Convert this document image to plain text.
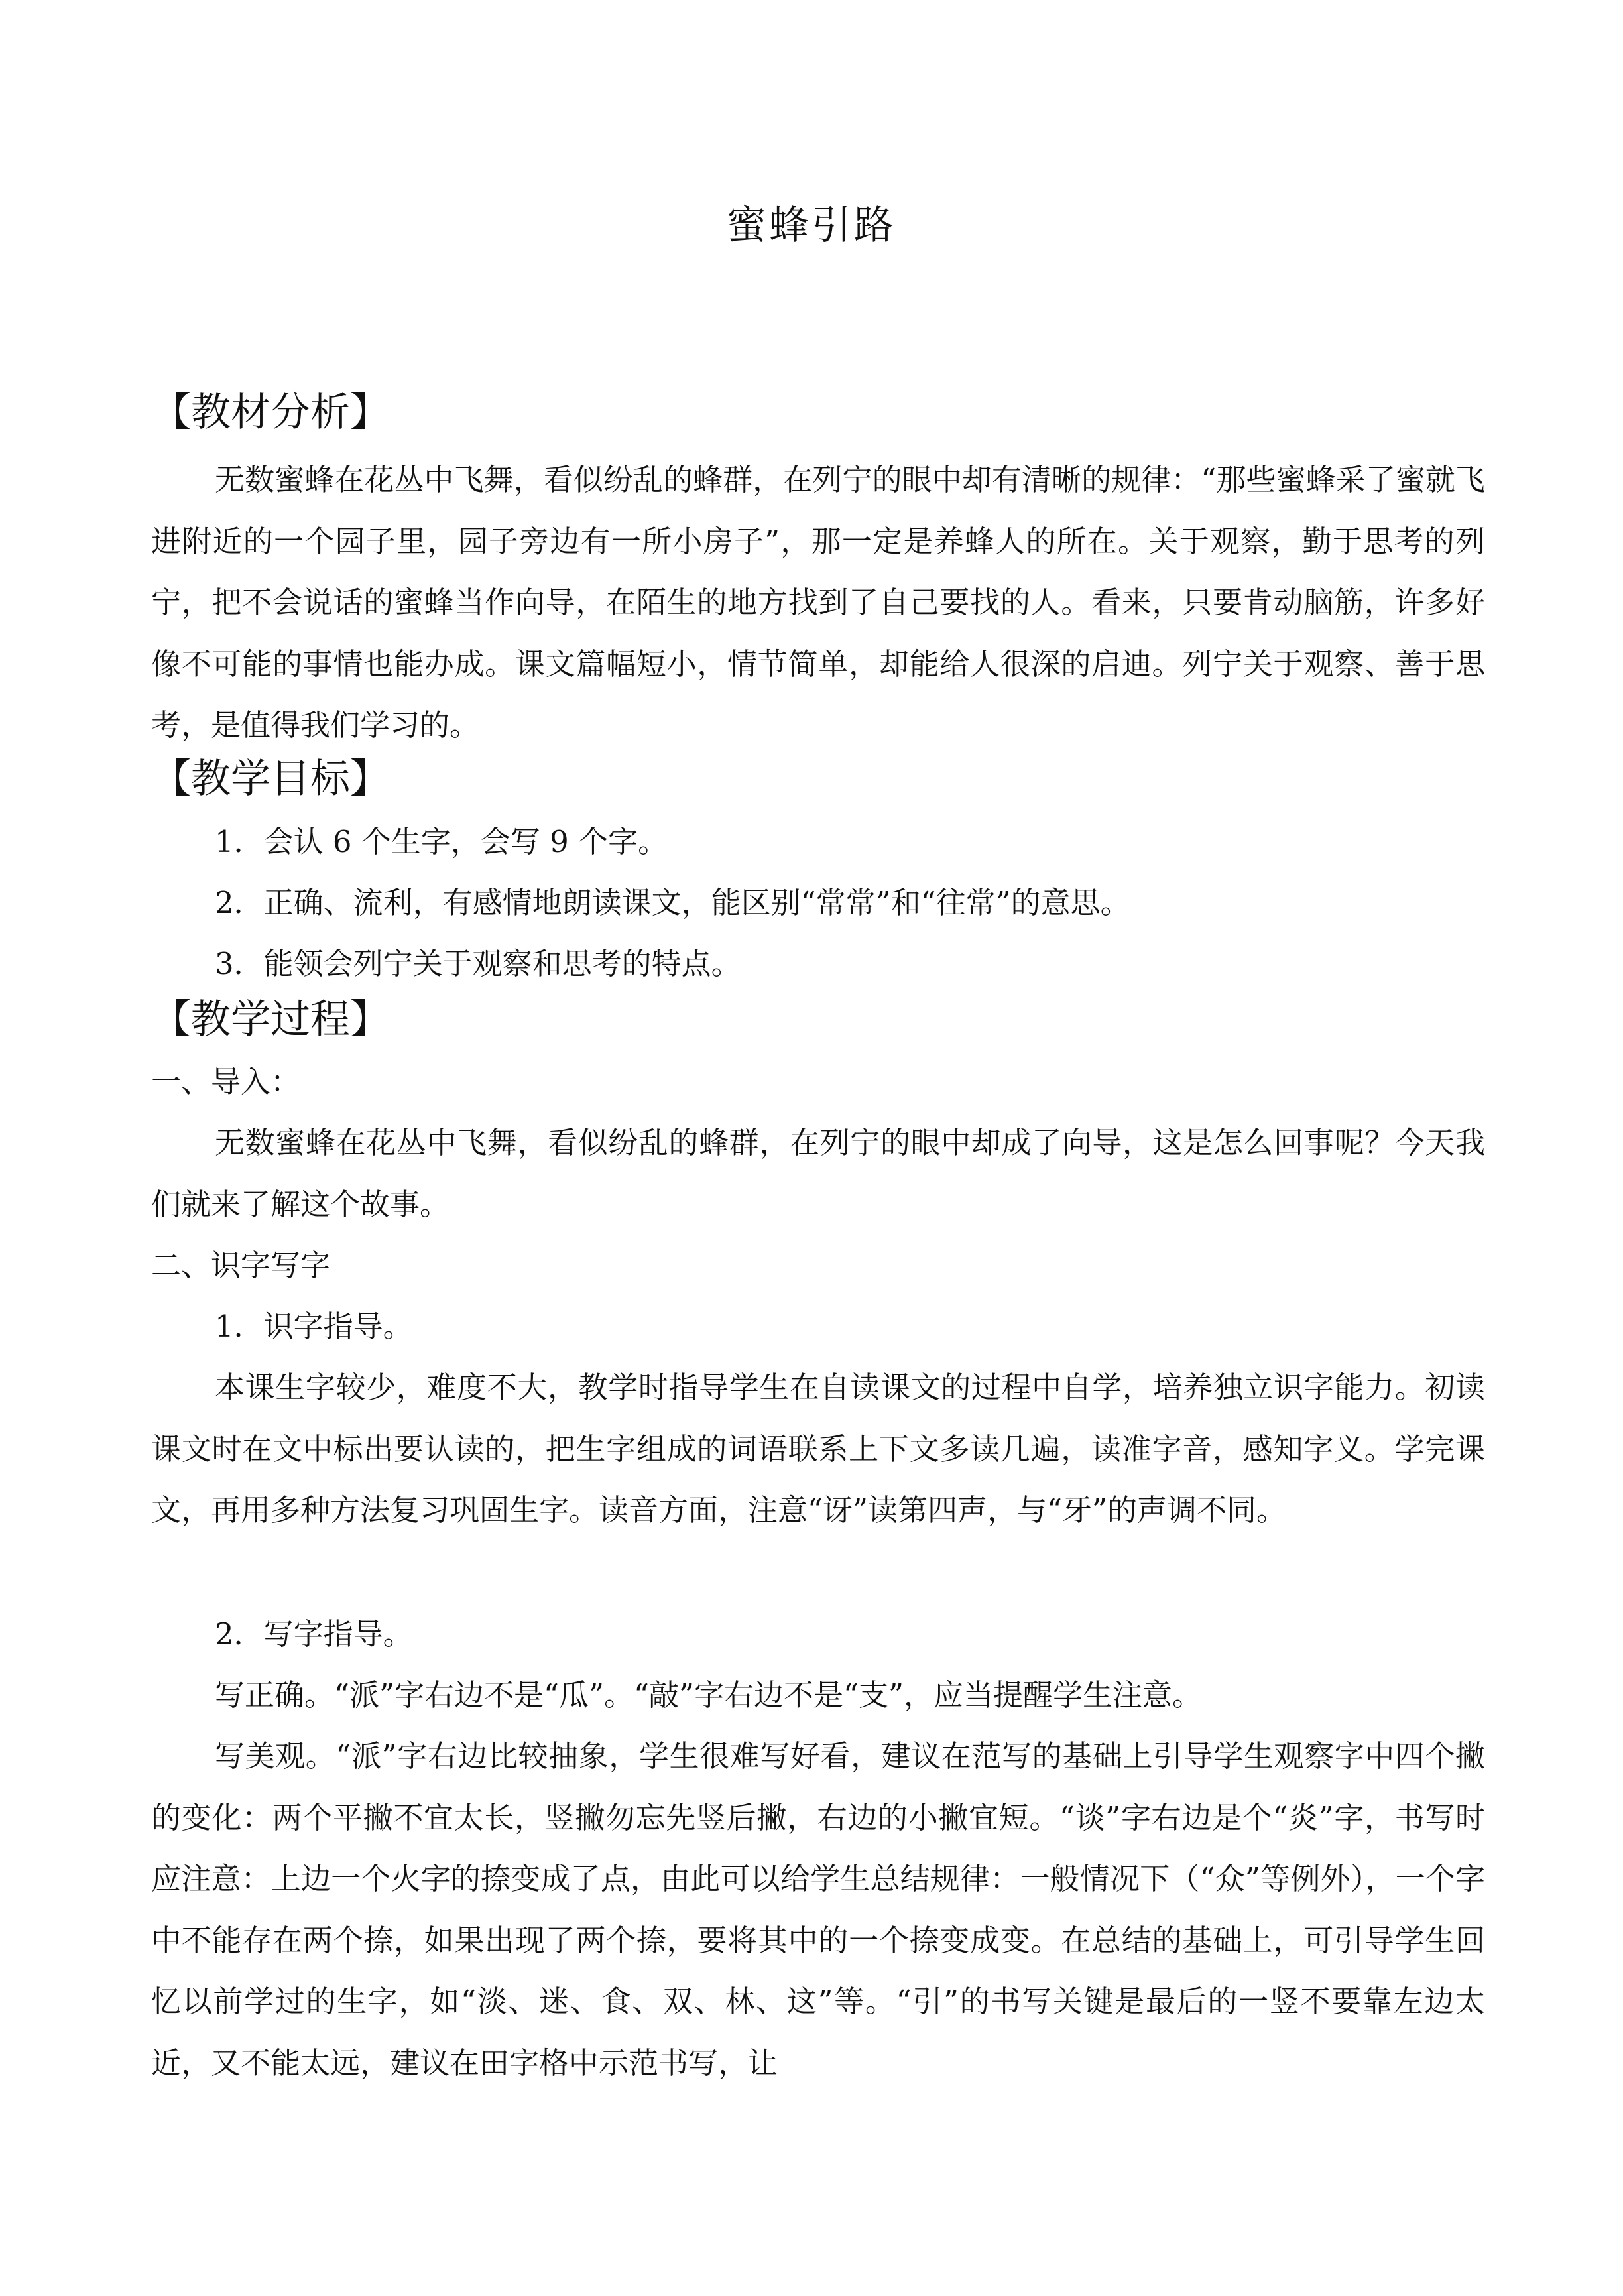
蜜蜂引路
【教材分析】

无数蜜蜂在花丛中飞舞，看似纷乱的蜂群，在列宁的眼中却有清晰的规律：“那些蜜蜂采了蜜就飞进附近的一个园子里，园子旁边有一所小房子”，那一定是养蜂人的所在。关于观察，勤于思考的列宁，把不会说话的蜜蜂当作向导，在陌生的地方找到了自己要找的人。看来，只要肯动脑筋，许多好像不可能的事情也能办成。课文篇幅短小，情节简单，却能给人很深的启迪。列宁关于观察、善于思考，是值得我们学习的。

【教学目标】

1．会认 6 个生字，会写 9 个字。

2．正确、流利，有感情地朗读课文，能区别“常常”和“往常”的意思。

3．能领会列宁关于观察和思考的特点。

【教学过程】

一、导入：

无数蜜蜂在花丛中飞舞，看似纷乱的蜂群，在列宁的眼中却成了向导，这是怎么回事呢？今天我们就来了解这个故事。

二、识字写字

1．识字指导。

本课生字较少，难度不大，教学时指导学生在自读课文的过程中自学，培养独立识字能力。初读课文时在文中标出要认读的，把生字组成的词语联系上下文多读几遍，读准字音，感知字义。学完课文，再用多种方法复习巩固生字。读音方面，注意“讶”读第四声，与“牙”的声调不同。

2．写字指导。

写正确。“派”字右边不是“瓜”。“敲”字右边不是“支”，应当提醒学生注意。

写美观。“派”字右边比较抽象，学生很难写好看，建议在范写的基础上引导学生观察字中四个撇的变化：两个平撇不宜太长，竖撇勿忘先竖后撇，右边的小撇宜短。“谈”字右边是个“炎”字，书写时应注意：上边一个火字的捺变成了点，由此可以给学生总结规律：一般情况下（“众”等例外），一个字中不能存在两个捺，如果出现了两个捺，要将其中的一个捺变成变。在总结的基础上，可引导学生回忆以前学过的生字，如“淡、迷、食、双、林、这”等。“引”的书写关键是最后的一竖不要靠左边太近，又不能太远，建议在田字格中示范书写，让
